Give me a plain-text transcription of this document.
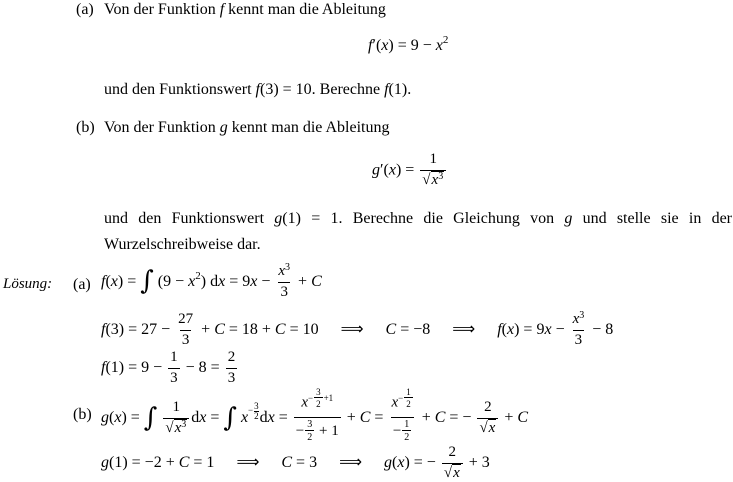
(a) Von der Funktion f kennt man die Ableitung
$f'(x) = 9 - x^2$
und den Funktionswert f(3) = 10. Berechne f(1).
(b) Von der Funktion g kennt man die Ableitung
$g'(x) = \frac{1}{√x^3}$
und den Funktionswert g(1) = 1. Berechne die Gleichung von g und stelle sie in der Wurzelschreibweise dar.
Lösung: (a) f(x) = ∫ $(9 - x^2)$ dx = $9x - \frac{x^3}{3} + C$
$f(3) = 27 - \frac{27}{3} + C = 18 + C = 10$ ⟹ C = −8 ⟹ $f(x) = 9x - \frac{x^3}{3} - 8$
$f(1) = 9 - \frac{1}{3} - 8 = \frac{2}{3}$
(b) g(x) = ∫ $\frac{1}{√x^3}$ dx = ∫ $x^{- \frac{3}{2}}$ dx = $x^{- \frac{3}{2} +1}$
− $\frac{3}{2} + 1 + C = x^{- \frac{1}{2}}$
− $\frac{1}{2} + C$ = − $\frac{2}{√x} + C$
g(1) = −2 + C = 1 ⟹ C = 3 ⟹ g(x) = − $\frac{2}{√x} + 3$
